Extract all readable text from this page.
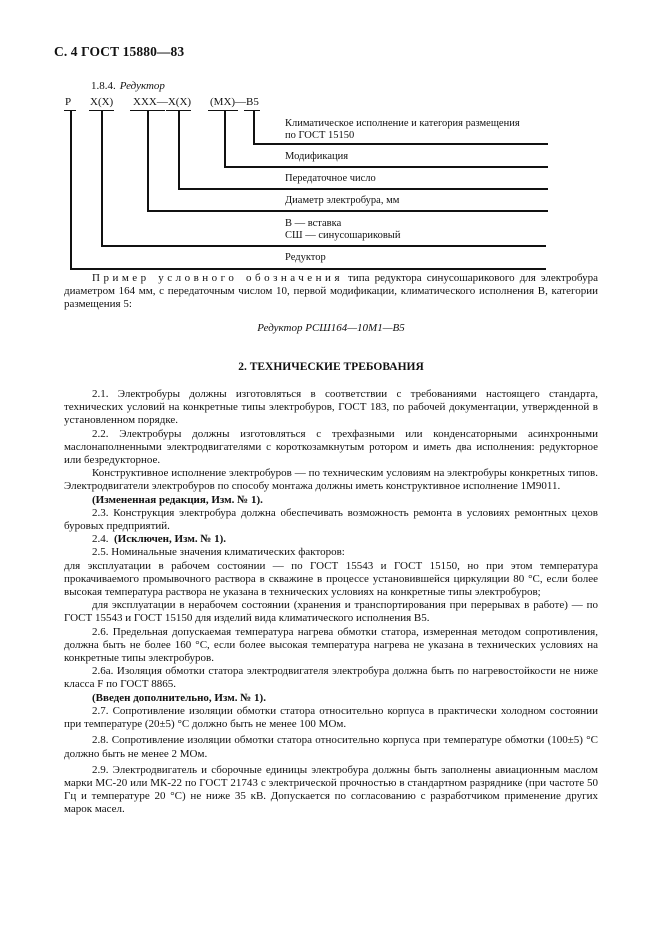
С. 4 ГОСТ 15880—83
1.8.4. Редуктор
Р Х(Х) ХХХ—Х(Х) (МХ)—В5
Климатическое исполнение и категория размещения
по ГОСТ 15150
Модификация
Передаточное число
Диаметр электробура, мм
В — вставка
СШ — синусошариковый
Редуктор

Пример условного обозначения типа редуктора синусошарикового для электробура диаметром 164 мм, с передаточным числом 10, первой модификации, климатического исполнения В, категории размещения 5:

Редуктор РСШ164—10М1—В5
2. ТЕХНИЧЕСКИЕ ТРЕБОВАНИЯ

2.1. Электробуры должны изготовляться в соответствии с требованиями настоящего стандарта, технических условий на конкретные типы электробуров, ГОСТ 183, по рабочей документации, утвержденной в установленном порядке.

2.2. Электробуры должны изготовляться с трехфазными или конденсаторными асинхронными маслонаполненными электродвигателями с короткозамкнутым ротором и иметь два исполнения: редукторное или безредукторное.

Конструктивное исполнение электробуров — по техническим условиям на электробуры конкретных типов. Электродвигатели электробуров по способу монтажа должны иметь конструктивное исполнение 1М9011.

(Измененная редакция, Изм. № 1).

2.3. Конструкция электробура должна обеспечивать возможность ремонта в условиях ремонтных цехов буровых предприятий.

2.4. (Исключен, Изм. № 1).

2.5. Номинальные значения климатических факторов:

для эксплуатации в рабочем состоянии — по ГОСТ 15543 и ГОСТ 15150, но при этом температура прокачиваемого промывочного раствора в скважине в процессе установившейся циркуляции 80 °С, если более высокая температура раствора не указана в технических условиях на конкретные типы электробуров;

для эксплуатации в нерабочем состоянии (хранения и транспортирования при перерывах в работе) — по ГОСТ 15543 и ГОСТ 15150 для изделий вида климатического исполнения В5.

2.6. Предельная допускаемая температура нагрева обмотки статора, измеренная методом сопротивления, должна быть не более 160 °С, если более высокая температура нагрева не указана в технических условиях на конкретные типы электробуров.

2.6а. Изоляция обмотки статора электродвигателя электробура должна быть по нагревостойкости не ниже класса F по ГОСТ 8865.

(Введен дополнительно, Изм. № 1).

2.7. Сопротивление изоляции обмотки статора относительно корпуса в практически холодном состоянии при температуре (20±5) °С должно быть не менее 100 МОм.

2.8. Сопротивление изоляции обмотки статора относительно корпуса при температуре обмотки (100±5) °С должно быть не менее 2 МОм.

2.9. Электродвигатель и сборочные единицы электробура должны быть заполнены авиационным маслом марки МС-20 или МК-22 по ГОСТ 21743 с электрической прочностью в стандартном разряднике (при частоте 50 Гц и температуре 20 °С) не ниже 35 кВ. Допускается по согласованию с разработчиком применение других марок масел.
